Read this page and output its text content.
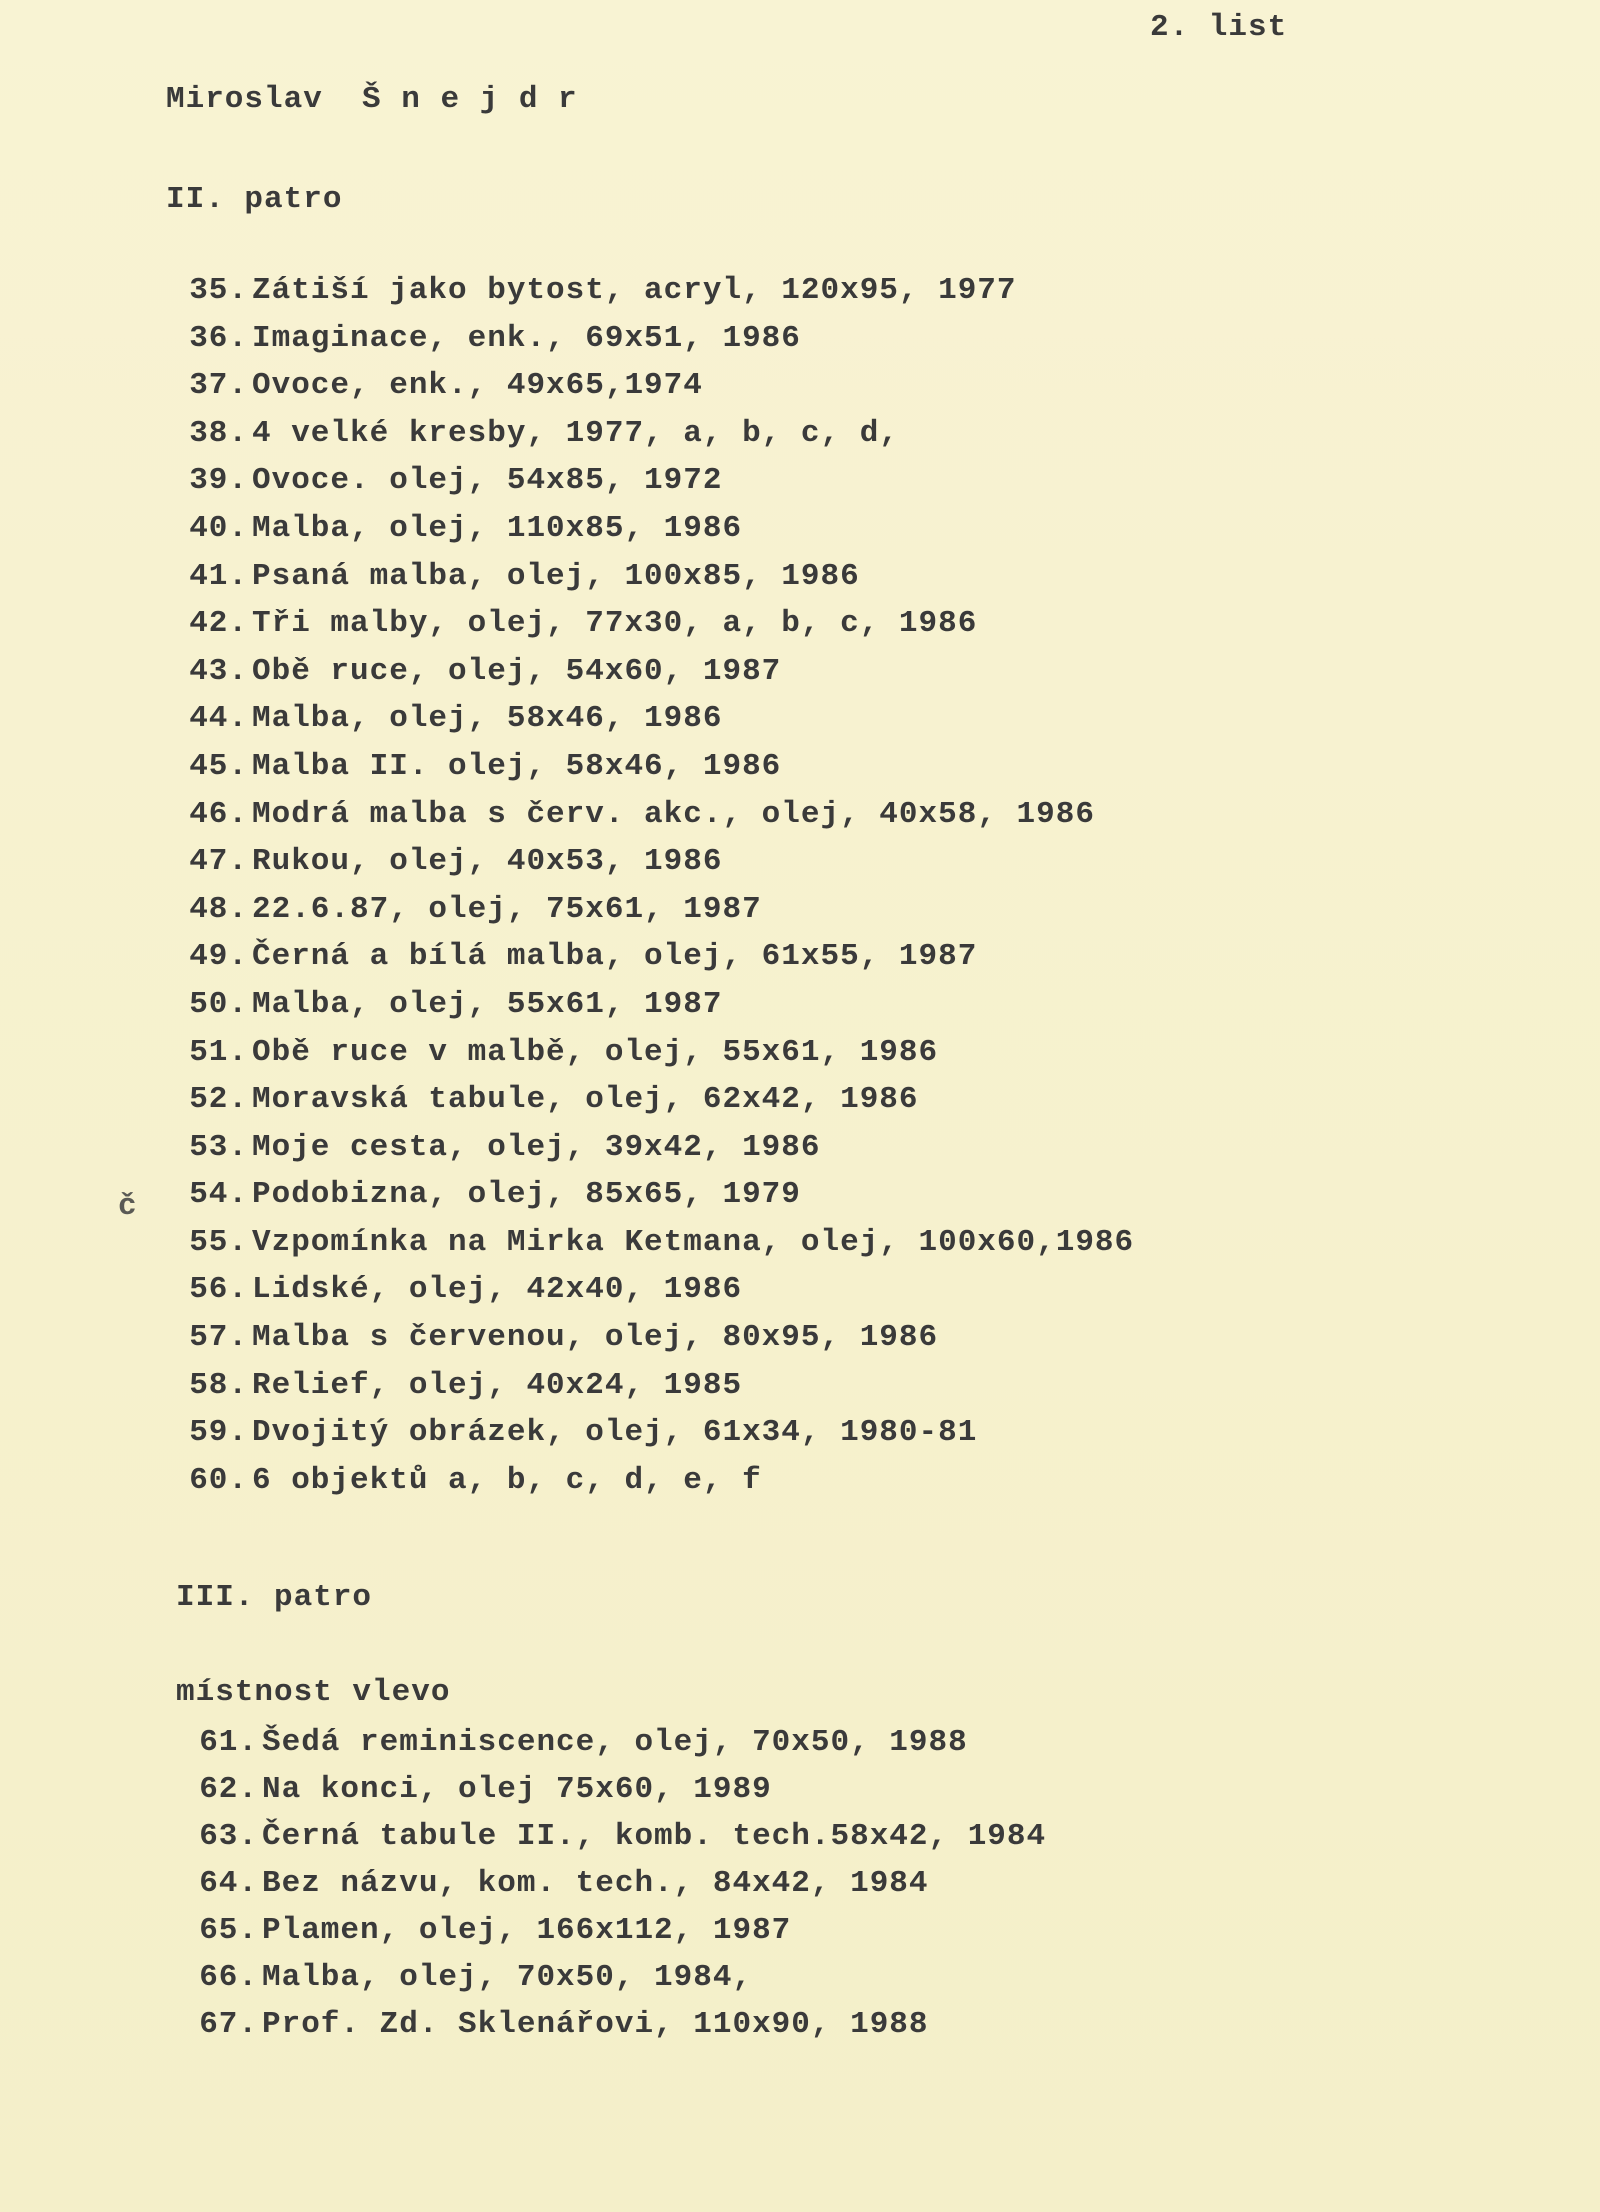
2. list
Miroslav  Š n e j d r
II. patro
35. Zátiší jako bytost, acryl, 120x95, 1977
36. Imaginace, enk., 69x51, 1986
37. Ovoce, enk., 49x65,1974
38. 4 velké kresby, 1977, a, b, c, d,
39. Ovoce. olej, 54x85, 1972
40. Malba, olej, 110x85, 1986
41. Psaná malba, olej, 100x85, 1986
42. Tři malby, olej, 77x30, a, b, c, 1986
43. Obě ruce, olej, 54x60, 1987
44. Malba, olej, 58x46, 1986
45. Malba II. olej, 58x46, 1986
46. Modrá malba s červ. akc., olej, 40x58, 1986
47. Rukou, olej, 40x53, 1986
48. 22.6.87, olej, 75x61, 1987
49. Černá a bílá malba, olej, 61x55, 1987
50. Malba, olej, 55x61, 1987
51. Obě ruce v malbě, olej, 55x61, 1986
52. Moravská tabule, olej, 62x42, 1986
53. Moje cesta, olej, 39x42, 1986
54. Podobizna, olej, 85x65, 1979
55. Vzpomínka na Mirka Ketmana, olej, 100x60,1986
56. Lidské, olej, 42x40, 1986
57. Malba s červenou, olej, 80x95, 1986
58. Relief, olej, 40x24, 1985
59. Dvojitý obrázek, olej, 61x34, 1980-81
60. 6 objektů a, b, c, d, e, f
č
III. patro
místnost vlevo
61. Šedá reminiscence, olej, 70x50, 1988
62. Na konci, olej 75x60, 1989
63. Černá tabule II., komb. tech.58x42, 1984
64. Bez názvu, kom. tech., 84x42, 1984
65. Plamen, olej, 166x112, 1987
66. Malba, olej, 70x50, 1984,
67. Prof. Zd. Sklenářovi, 110x90, 1988
